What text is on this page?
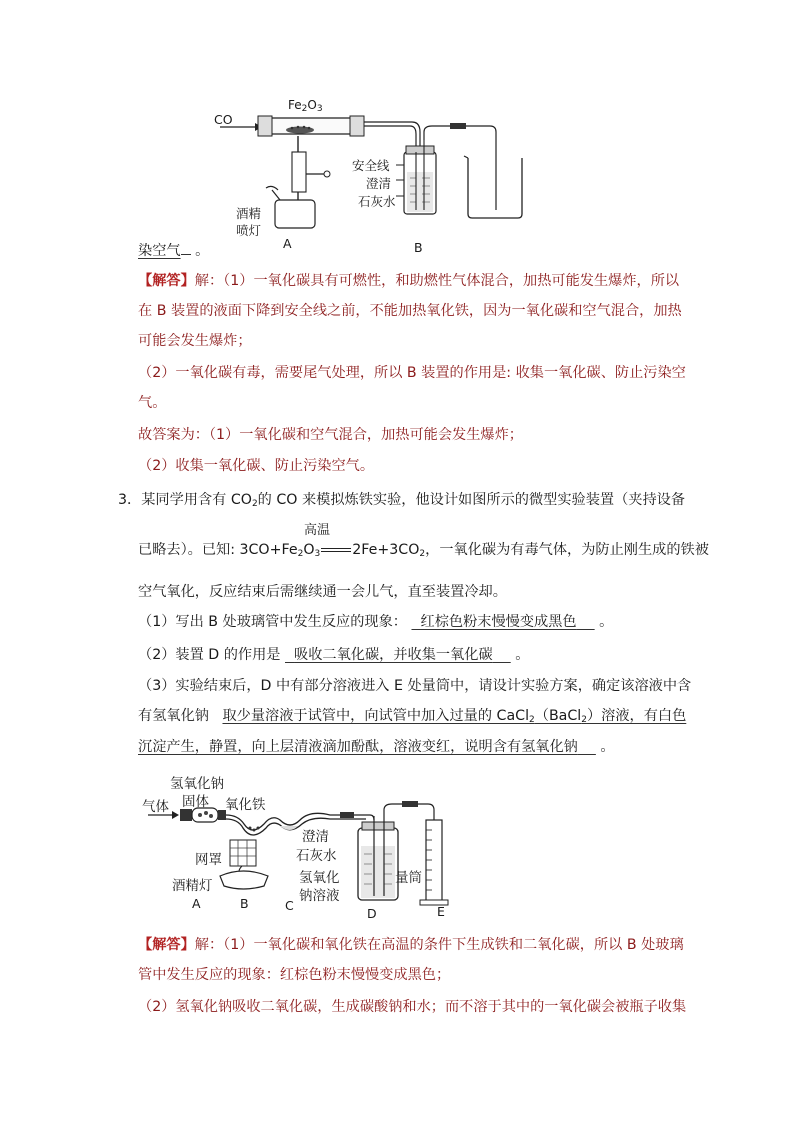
CO
$Fe_2O_3$
安全线
澄清
石灰水
酒精
喷灯
A	B
染空气 。
【解答】解：（1）一氧化碳具有可燃性，和助燃性气体混合，加热可能发生爆炸，所以
在 B 装置的液面下降到安全线之前，不能加热氧化铁，因为一氧化碳和空气混合，加热
可能会发生爆炸；
（2）一氧化碳有毒，需要尾气处理，所以 B 装置的作用是: 收集一氧化碳、防止污染空
气。
故答案为：（1）一氧化碳和空气混合，加热可能会发生爆炸；
（2）收集一氧化碳、防止污染空气。
3．某同学用含有 $CO_2$的 CO 来模拟炼铁实验，他设计如图所示的微型实验装置（夹持设备
高温
已略去）。已知: $3CO+Fe_2O_3$ $2Fe+3CO_2$，一氧化碳为有毒气体，为防止刚生成的铁被
空气氧化，反应结束后需继续通一会儿气，直至装置冷却。
（1）写出 B 处玻璃管中发生反应的现象： 红棕色粉末慢慢变成黑色 。
（2）装置 D 的作用是 吸收二氧化碳，并收集一氧化碳 。
（3）实验结束后，D 中有部分溶液进入 E 处量筒中，请设计实验方案，确定该溶液中含
有氢氧化钠 取少量溶液于试管中，向试管中加入过量的 CaCl$_2$（BaCl$_2$）溶液，有白色
沉淀产生，静置，向上层清液滴加酚酞，溶液变红，说明含有氢氧化钠 。
氢氧化钠
固体
气体	氧化铁
澄清
石灰水
网罩
酒精灯	氢氧化
钠溶液
量筒
A	B	C
D	E
【解答】解：（1）一氧化碳和氧化铁在高温的条件下生成铁和二氧化碳，所以 B 处玻璃
管中发生反应的现象：红棕色粉末慢慢变成黑色；
（2）氢氧化钠吸收二氧化碳，生成碳酸钠和水；而不溶于其中的一氧化碳会被瓶子收集
